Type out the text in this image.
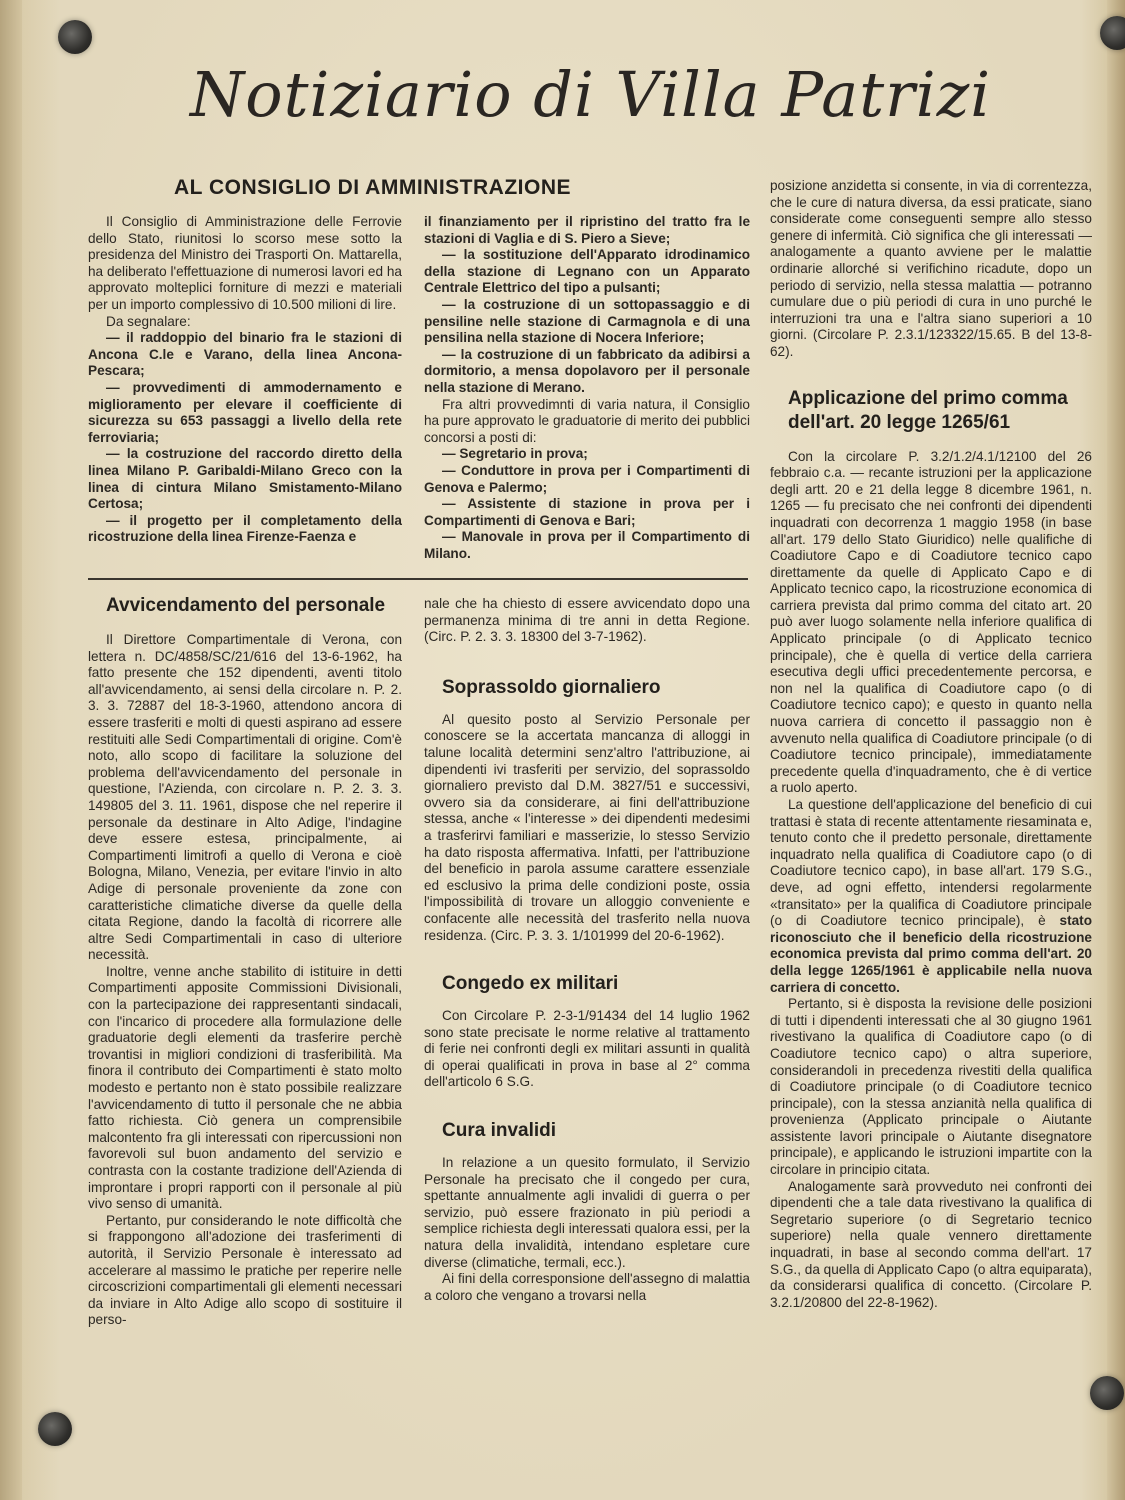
Notiziario di Villa Patrizi
AL CONSIGLIO DI AMMINISTRAZIONE

Il Consiglio di Amministrazione delle Ferrovie dello Stato, riunitosi lo scorso mese sotto la presidenza del Ministro dei Trasporti On. Mattarella, ha deliberato l'effettuazione di numerosi lavori ed ha approvato molteplici forniture di mezzi e materiali per un importo complessivo di 10.500 milioni di lire.

Da segnalare:

— il raddoppio del binario fra le stazioni di Ancona C.le e Varano, della linea Ancona-Pescara;

— provvedimenti di ammodernamento e miglioramento per elevare il coefficiente di sicurezza su 653 passaggi a livello della rete ferroviaria;

— la costruzione del raccordo diretto della linea Milano P. Garibaldi-Milano Greco con la linea di cintura Milano Smistamento-Milano Certosa;

— il progetto per il completamento della ricostruzione della linea Firenze-Faenza e

il finanziamento per il ripristino del tratto fra le stazioni di Vaglia e di S. Piero a Sieve;

— la sostituzione dell'Apparato idrodinamico della stazione di Legnano con un Apparato Centrale Elettrico del tipo a pulsanti;

— la costruzione di un sottopassaggio e di pensiline nelle stazione di Carmagnola e di una pensilina nella stazione di Nocera Inferiore;

— la costruzione di un fabbricato da adibirsi a dormitorio, a mensa dopolavoro per il personale nella stazione di Merano.

Fra altri provvedimnti di varia natura, il Consiglio ha pure approvato le graduatorie di merito dei pubblici concorsi a posti di:

— Segretario in prova;

— Conduttore in prova per i Compartimenti di Genova e Palermo;

— Assistente di stazione in prova per i Compartimenti di Genova e Bari;

— Manovale in prova per il Compartimento di Milano.

posizione anzidetta si consente, in via di correntezza, che le cure di natura diversa, da essi praticate, siano considerate come conseguenti sempre allo stesso genere di infermità. Ciò significa che gli interessati — analogamente a quanto avviene per le malattie ordinarie allorché si verifichino ricadute, dopo un periodo di servizio, nella stessa malattia — potranno cumulare due o più periodi di cura in uno purché le interruzioni tra una e l'altra siano superiori a 10 giorni. (Circolare P. 2.3.1/123322/15.65. B del 13-8-62).

Applicazione del primo comma

dell'art. 20 legge 1265/61

Con la circolare P. 3.2/1.2/4.1/12100 del 26 febbraio c.a. — recante istruzioni per la applicazione degli artt. 20 e 21 della legge 8 dicembre 1961, n. 1265 — fu precisato che nei confronti dei dipendenti inquadrati con decorrenza 1 maggio 1958 (in base all'art. 179 dello Stato Giuridico) nelle qualifiche di Coadiutore Capo e di Coadiutore tecnico capo direttamente da quelle di Applicato Capo e di Applicato tecnico capo, la ricostruzione economica di carriera prevista dal primo comma del citato art. 20 può aver luogo solamente nella inferiore qualifica di Applicato principale (o di Applicato tecnico principale), che è quella di vertice della carriera esecutiva degli uffici precedentemente percorsa, e non nel la qualifica di Coadiutore capo (o di Coadiutore tecnico capo); e questo in quanto nella nuova carriera di concetto il passaggio non è avvenuto nella qualifica di Coadiutore principale (o di Coadiutore tecnico principale), immediatamente precedente quella d'inquadramento, che è di vertice a ruolo aperto.

La questione dell'applicazione del beneficio di cui trattasi è stata di recente attentamente riesaminata e, tenuto conto che il predetto personale, direttamente inquadrato nella qualifica di Coadiutore capo (o di Coadiutore tecnico capo), in base all'art. 179 S.G., deve, ad ogni effetto, intendersi regolarmente «transitato» per la qualifica di Coadiutore principale (o di Coadiutore tecnico principale), è stato riconosciuto che il beneficio della ricostruzione economica prevista dal primo comma dell'art. 20 della legge 1265/1961 è applicabile nella nuova carriera di concetto.

Pertanto, si è disposta la revisione delle posizioni di tutti i dipendenti interessati che al 30 giugno 1961 rivestivano la qualifica di Coadiutore capo (o di Coadiutore tecnico capo) o altra superiore, considerandoli in precedenza rivestiti della qualifica di Coadiutore principale (o di Coadiutore tecnico principale), con la stessa anzianità nella qualifica di provenienza (Applicato principale o Aiutante assistente lavori principale o Aiutante disegnatore principale), e applicando le istruzioni impartite con la circolare in principio citata.

Analogamente sarà provveduto nei confronti dei dipendenti che a tale data rivestivano la qualifica di Segretario superiore (o di Segretario tecnico superiore) nella quale vennero direttamente inquadrati, in base al secondo comma dell'art. 17 S.G., da quella di Applicato Capo (o altra equiparata), da considerarsi qualifica di concetto. (Circolare P. 3.2.1/20800 del 22-8-1962).

Avvicendamento del personale

Il Direttore Compartimentale di Verona, con lettera n. DC/4858/SC/21/616 del 13-6-1962, ha fatto presente che 152 dipendenti, aventi titolo all'avvicendamento, ai sensi della circolare n. P. 2. 3. 3. 72887 del 18-3-1960, attendono ancora di essere trasferiti e molti di questi aspirano ad essere restituiti alle Sedi Compartimentali di origine. Com'è noto, allo scopo di facilitare la soluzione del problema dell'avvicendamento del personale in questione, l'Azienda, con circolare n. P. 2. 3. 3. 149805 del 3. 11. 1961, dispose che nel reperire il personale da destinare in Alto Adige, l'indagine deve essere estesa, principalmente, ai Compartimenti limitrofi a quello di Verona e cioè Bologna, Milano, Venezia, per evitare l'invio in alto Adige di personale proveniente da zone con caratteristiche climatiche diverse da quelle della citata Regione, dando la facoltà di ricorrere alle altre Sedi Compartimentali in caso di ulteriore necessità.

Inoltre, venne anche stabilito di istituire in detti Compartimenti apposite Commissioni Divisionali, con la partecipazione dei rappresentanti sindacali, con l'incarico di procedere alla formulazione delle graduatorie degli elementi da trasferire perchè trovantisi in migliori condizioni di trasferibilità. Ma finora il contributo dei Compartimenti è stato molto modesto e pertanto non è stato possibile realizzare l'avvicendamento di tutto il personale che ne abbia fatto richiesta. Ciò genera un comprensibile malcontento fra gli interessati con ripercussioni non favorevoli sul buon andamento del servizio e contrasta con la costante tradizione dell'Azienda di improntare i propri rapporti con il personale al più vivo senso di umanità.

Pertanto, pur considerando le note difficoltà che si frappongono all'adozione dei trasferimenti di autorità, il Servizio Personale è interessato ad accelerare al massimo le pratiche per reperire nelle circoscrizioni compartimentali gli elementi necessari da inviare in Alto Adige allo scopo di sostituire il perso-

nale che ha chiesto di essere avvicendato dopo una permanenza minima di tre anni in detta Regione. (Circ. P. 2. 3. 3. 18300 del 3-7-1962).

Soprassoldo giornaliero

Al quesito posto al Servizio Personale per conoscere se la accertata mancanza di alloggi in talune località determini senz'altro l'attribuzione, ai dipendenti ivi trasferiti per servizio, del soprassoldo giornaliero previsto dal D.M. 3827/51 e successivi, ovvero sia da considerare, ai fini dell'attribuzione stessa, anche « l'interesse » dei dipendenti medesimi a trasferirvi familiari e masserizie, lo stesso Servizio ha dato risposta affermativa. Infatti, per l'attribuzione del beneficio in parola assume carattere essenziale ed esclusivo la prima delle condizioni poste, ossia l'impossibilità di trovare un alloggio conveniente e confacente alle necessità del trasferito nella nuova residenza. (Circ. P. 3. 3. 1/101999 del 20-6-1962).

Congedo ex militari

Con Circolare P. 2-3-1/91434 del 14 luglio 1962 sono state precisate le norme relative al trattamento di ferie nei confronti degli ex militari assunti in qualità di operai qualificati in prova in base al 2° comma dell'articolo 6 S.G.

Cura invalidi

In relazione a un quesito formulato, il Servizio Personale ha precisato che il congedo per cura, spettante annualmente agli invalidi di guerra o per servizio, può essere frazionato in più periodi a semplice richiesta degli interessati qualora essi, per la natura della invalidità, intendano espletare cure diverse (climatiche, termali, ecc.).

Ai fini della corresponsione dell'assegno di malattia a coloro che vengano a trovarsi nella
